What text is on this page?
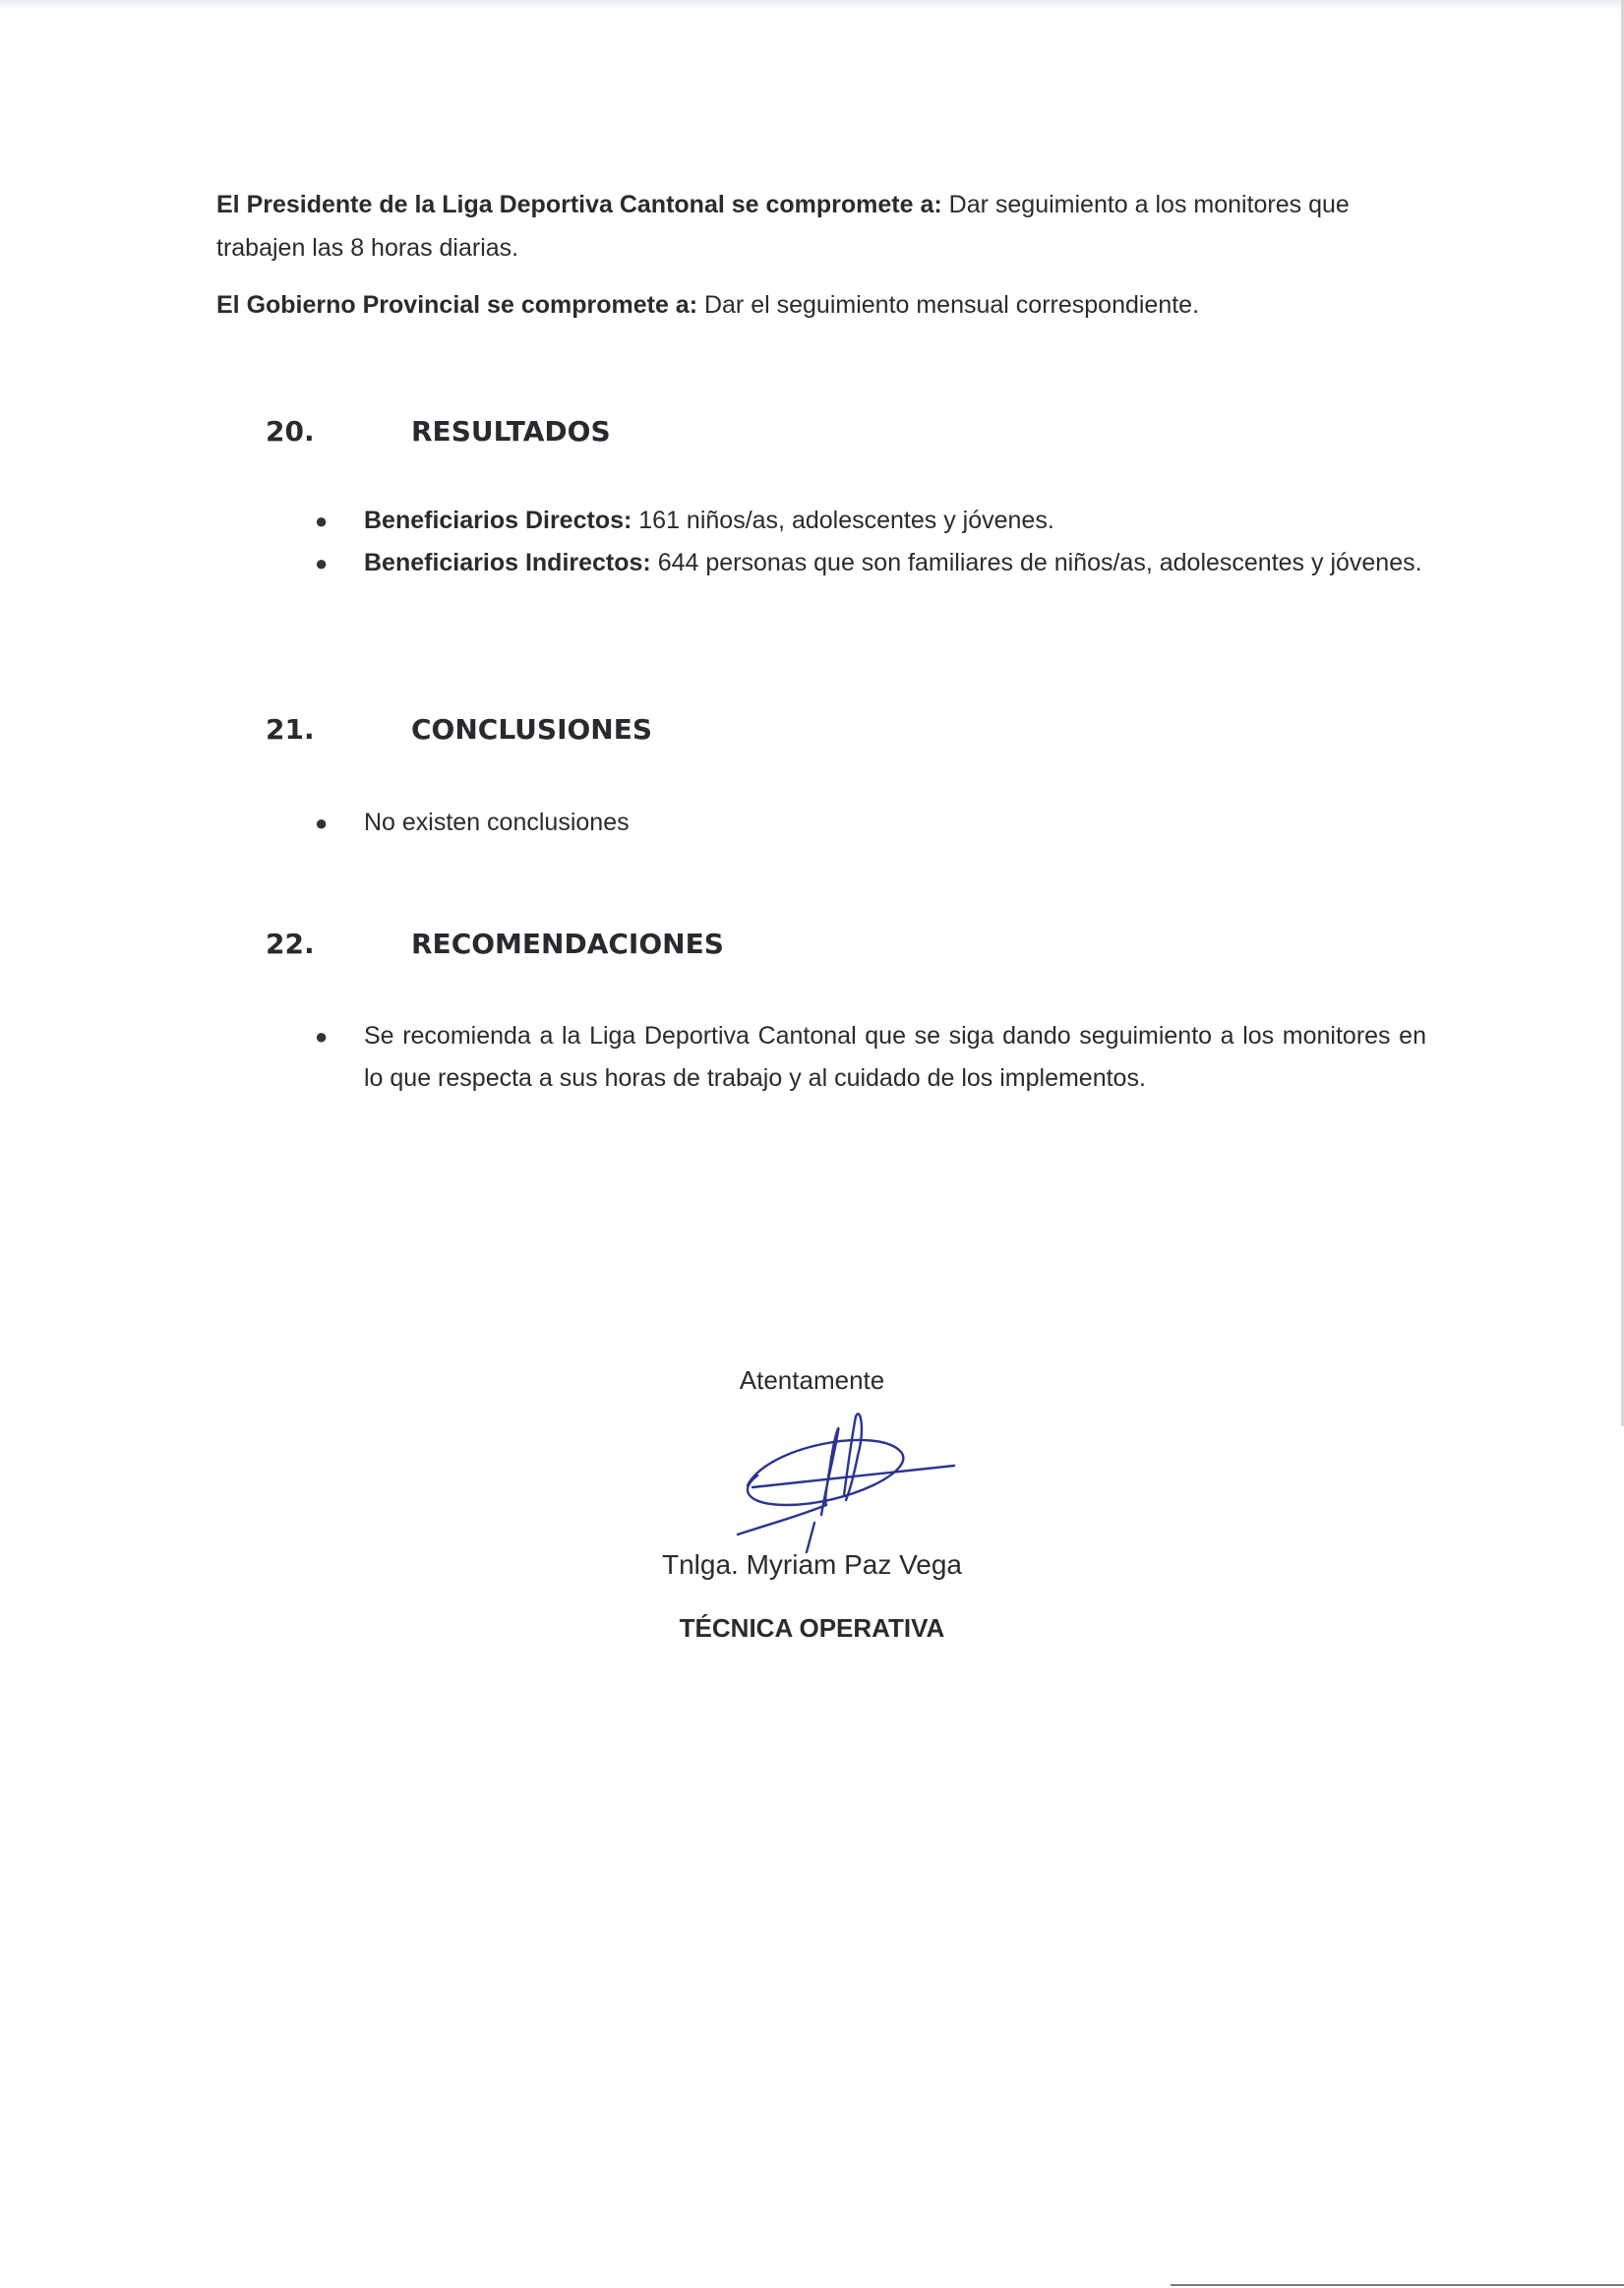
El Presidente de la Liga Deportiva Cantonal se compromete a: Dar seguimiento a los monitores que trabajen las 8 horas diarias.

El Gobierno Provincial se compromete a: Dar el seguimiento mensual correspondiente.

20.	RESULTADOS
● Beneficiarios Directos: 161 niños/as, adolescentes y jóvenes.
● Beneficiarios Indirectos: 644 personas que son familiares de niños/as, adolescentes y jóvenes.
21.	CONCLUSIONES
● No existen conclusiones
22.	RECOMENDACIONES
● Se recomienda a la Liga Deportiva Cantonal que se siga dando seguimiento a los monitores en lo que respecta a sus horas de trabajo y al cuidado de los implementos.

Atentamente

Tnlga. Myriam Paz Vega

TÉCNICA OPERATIVA
